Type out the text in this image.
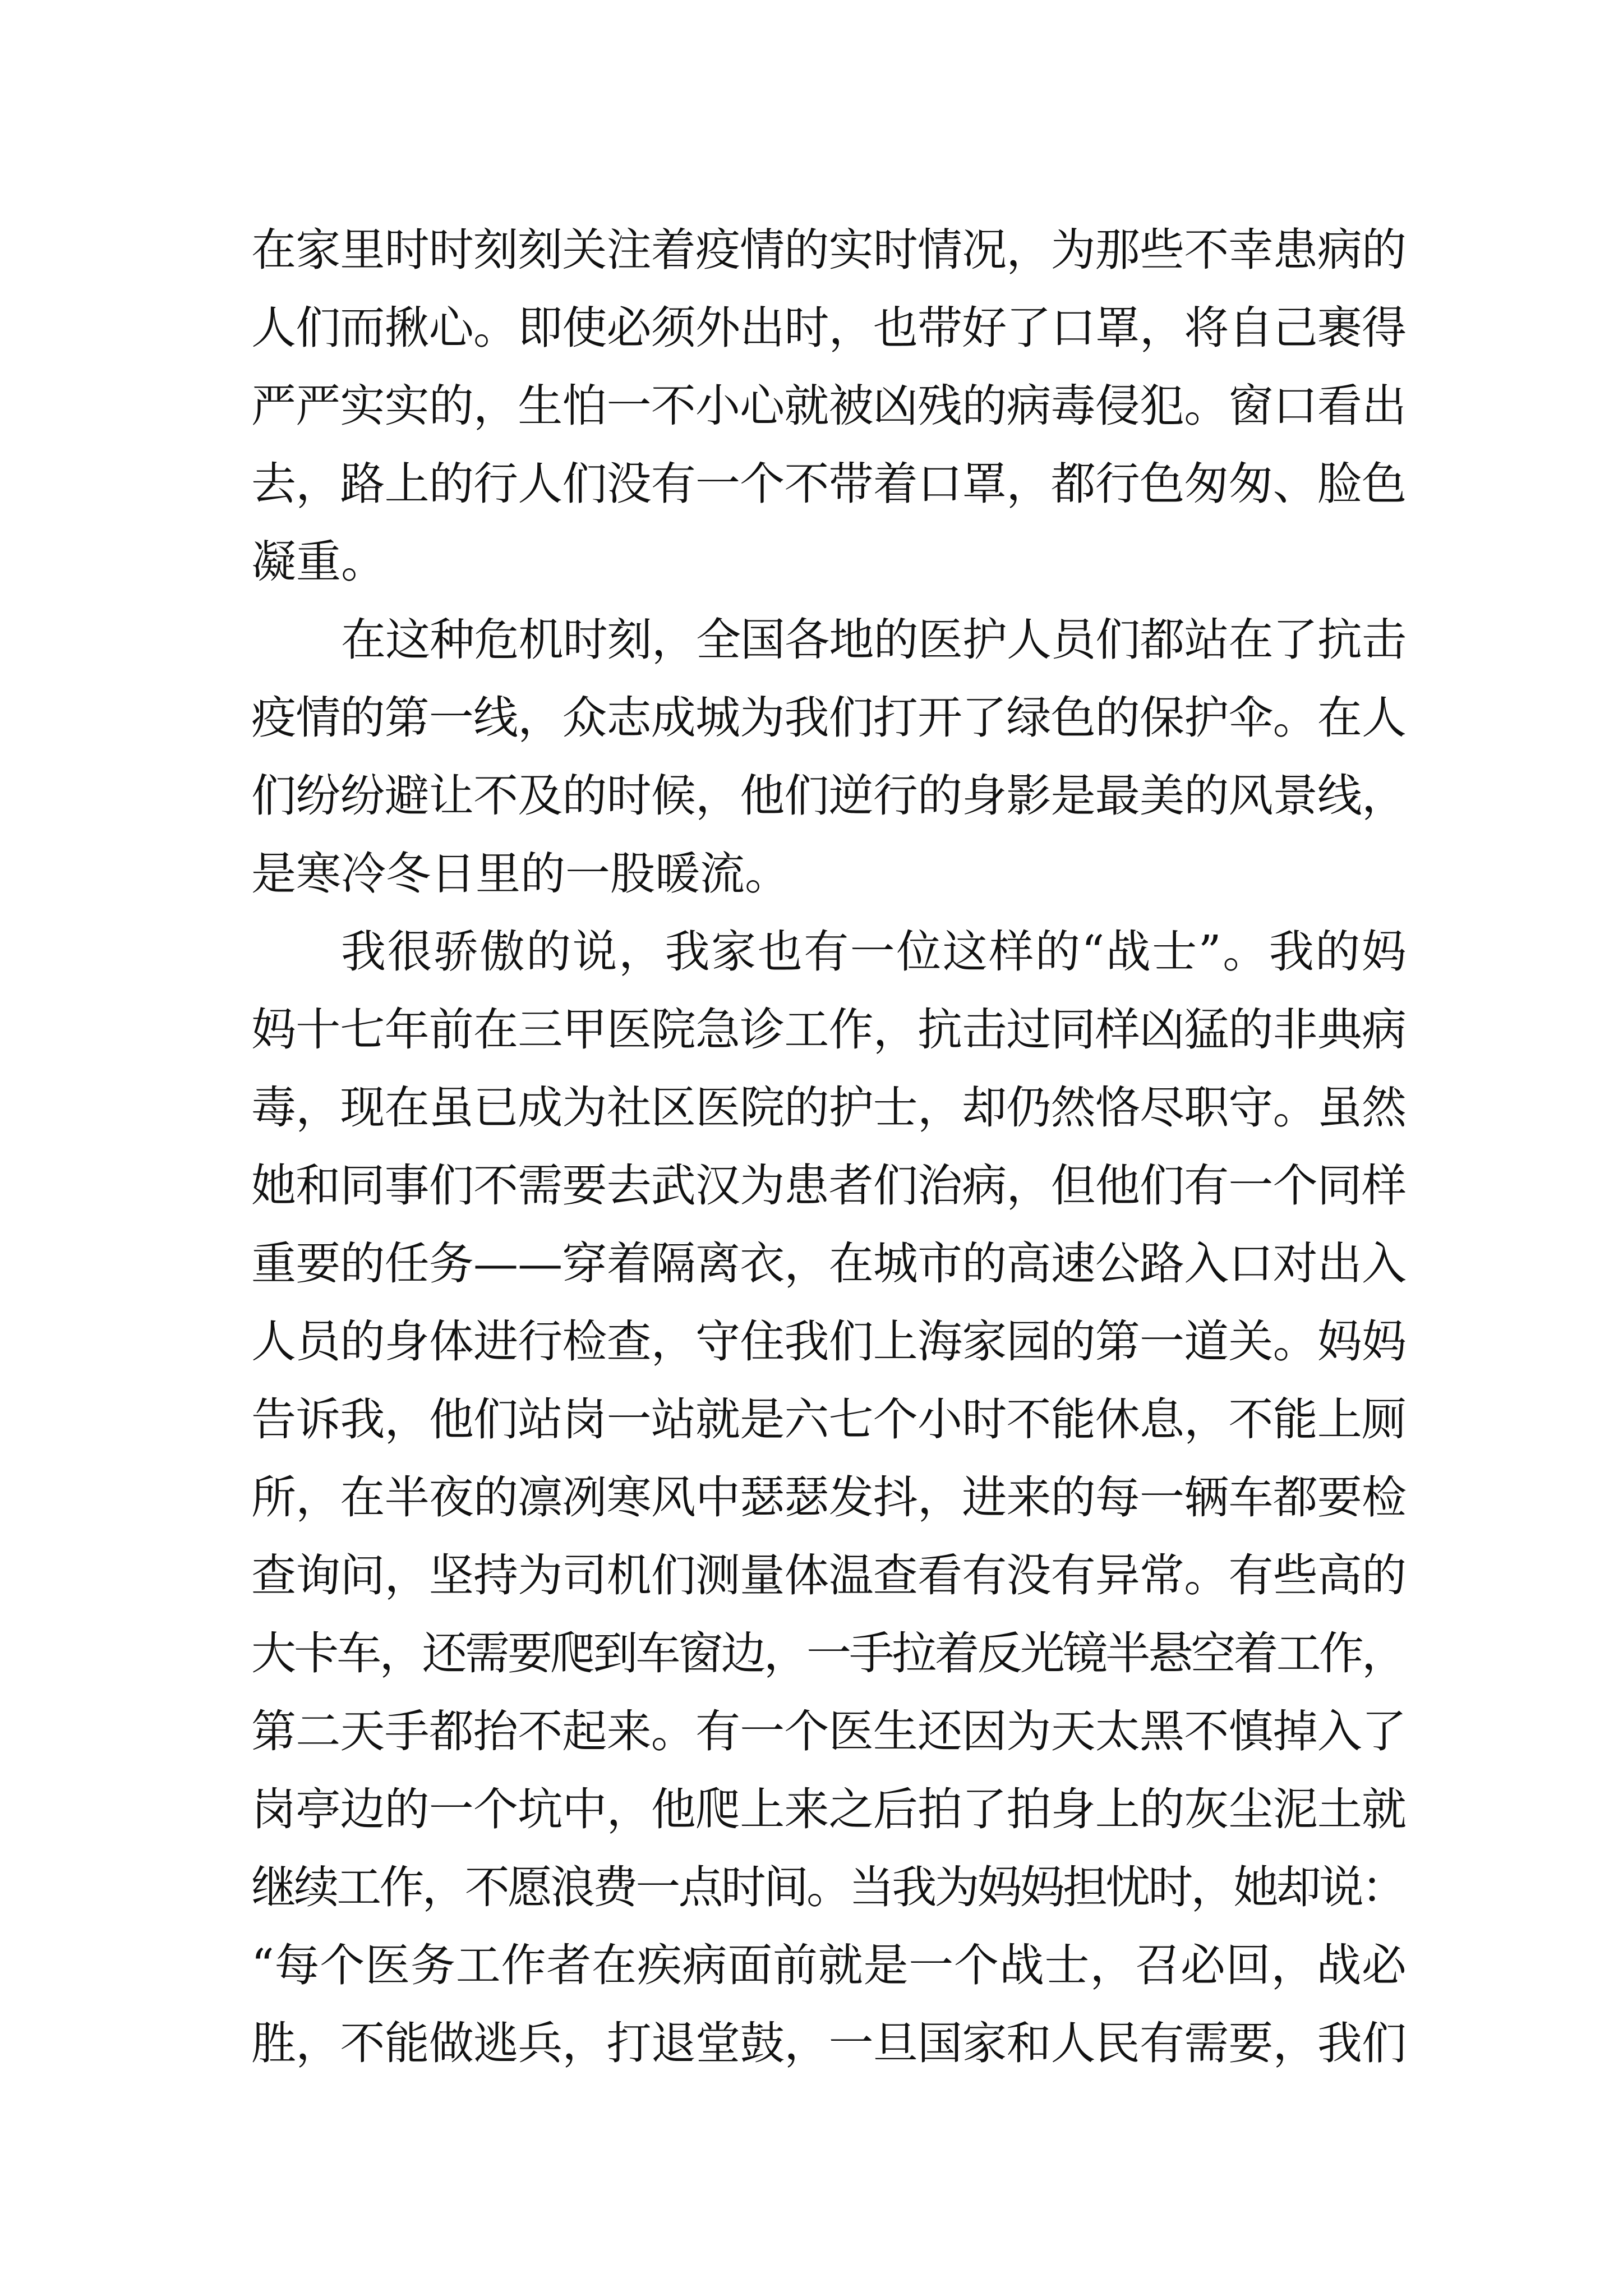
在家里时时刻刻关注着疫情的实时情况，为那些不幸患病的
人们而揪心。即使必须外出时，也带好了口罩，将自己裹得
严严实实的，生怕一不小心就被凶残的病毒侵犯。窗口看出
去，路上的行人们没有一个不带着口罩，都行色匆匆、脸色
凝重。
在这种危机时刻，全国各地的医护人员们都站在了抗击
疫情的第一线，众志成城为我们打开了绿色的保护伞。在人
们纷纷避让不及的时候，他们逆行的身影是最美的风景线，
是寒冷冬日里的一股暖流。
我很骄傲的说，我家也有一位这样的“战士”。我的妈
妈十七年前在三甲医院急诊工作，抗击过同样凶猛的非典病
毒，现在虽已成为社区医院的护士，却仍然恪尽职守。虽然
她和同事们不需要去武汉为患者们治病，但他们有一个同样
重要的任务——穿着隔离衣，在城市的高速公路入口对出入
人员的身体进行检查，守住我们上海家园的第一道关。妈妈
告诉我，他们站岗一站就是六七个小时不能休息，不能上厕
所，在半夜的凛冽寒风中瑟瑟发抖，进来的每一辆车都要检
查询问，坚持为司机们测量体温查看有没有异常。有些高的
大卡车，还需要爬到车窗边，一手拉着反光镜半悬空着工作，
第二天手都抬不起来。有一个医生还因为天太黑不慎掉入了
岗亭边的一个坑中，他爬上来之后拍了拍身上的灰尘泥土就
继续工作，不愿浪费一点时间。当我为妈妈担忧时，她却说：
“每个医务工作者在疾病面前就是一个战士，召必回，战必
胜，不能做逃兵，打退堂鼓，一旦国家和人民有需要，我们
